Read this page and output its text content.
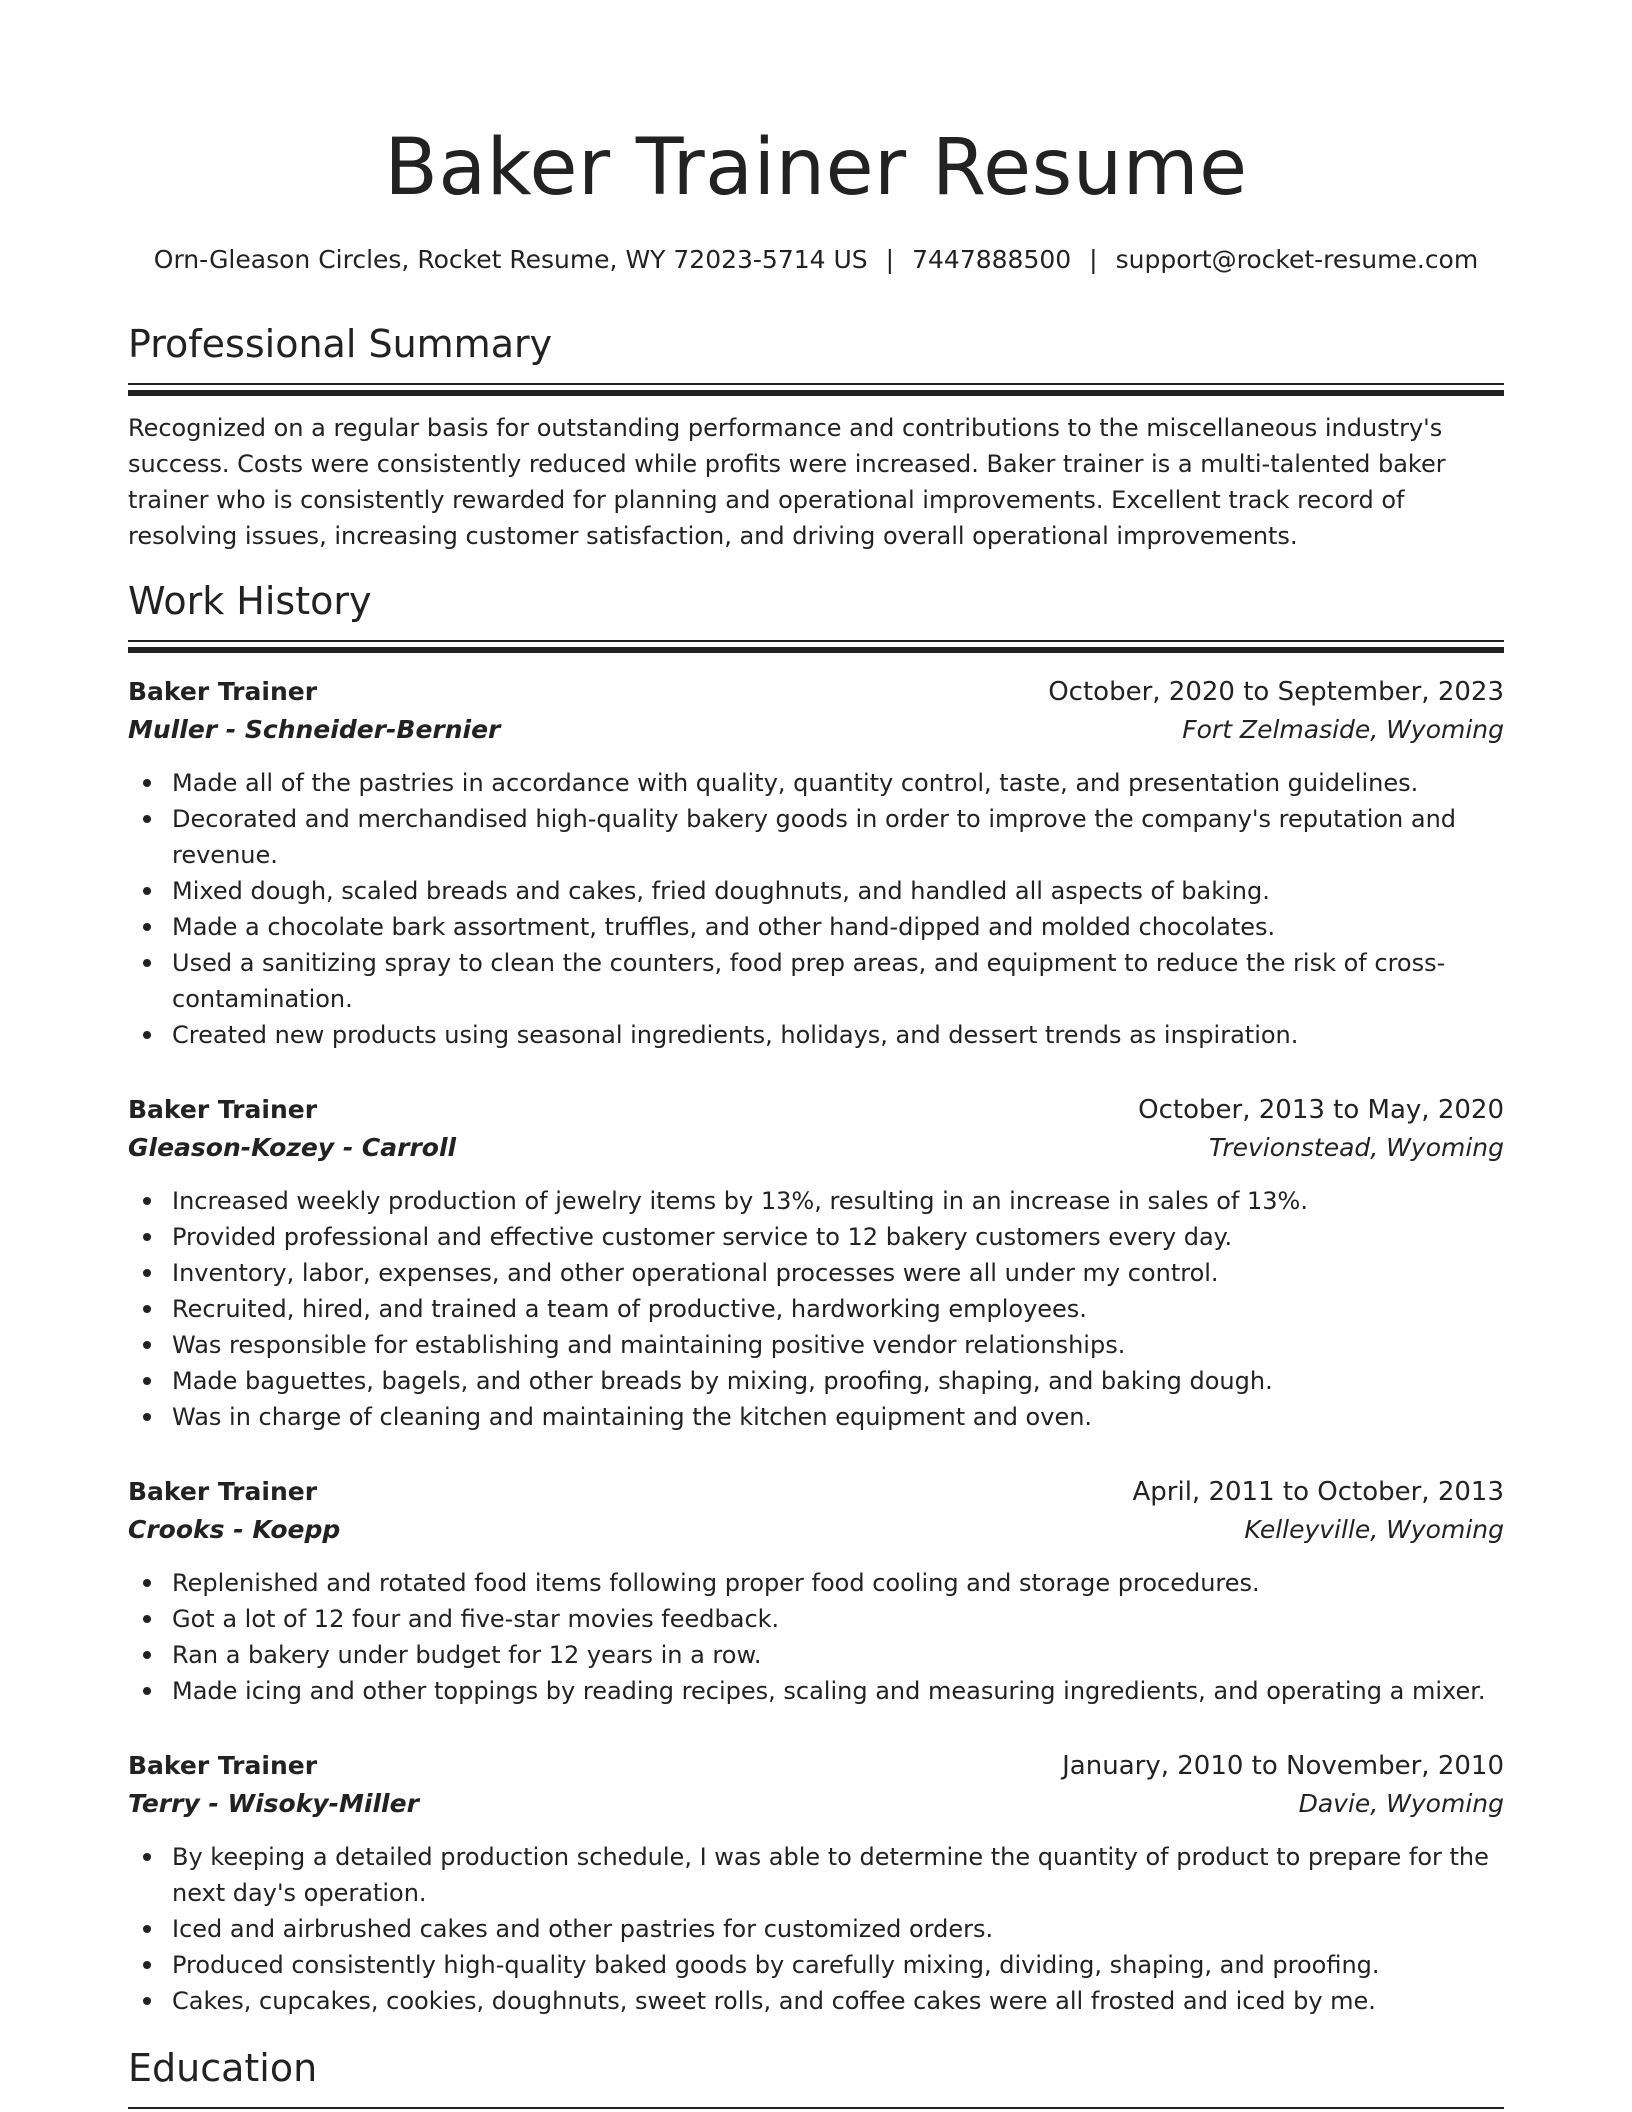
Baker Trainer Resume
Orn-Gleason Circles, Rocket Resume, WY 72023-5714 US | 7447888500 | support@rocket-resume.com
Professional Summary

Recognized on a regular basis for outstanding performance and contributions to the miscellaneous industry's success. Costs were consistently reduced while profits were increased. Baker trainer is a multi-talented baker trainer who is consistently rewarded for planning and operational improvements. Excellent track record of resolving issues, increasing customer satisfaction, and driving overall operational improvements.

Work History
Baker Trainer	October, 2020 to September, 2023
Muller - Schneider-Bernier	Fort Zelmaside, Wyoming
Made all of the pastries in accordance with quality, quantity control, taste, and presentation guidelines.
Decorated and merchandised high-quality bakery goods in order to improve the company's reputation and revenue.
Mixed dough, scaled breads and cakes, fried doughnuts, and handled all aspects of baking.
Made a chocolate bark assortment, truffles, and other hand-dipped and molded chocolates.
Used a sanitizing spray to clean the counters, food prep areas, and equipment to reduce the risk of cross-contamination.
Created new products using seasonal ingredients, holidays, and dessert trends as inspiration.
Baker Trainer	October, 2013 to May, 2020
Gleason-Kozey - Carroll	Trevionstead, Wyoming
Increased weekly production of jewelry items by 13%, resulting in an increase in sales of 13%.
Provided professional and effective customer service to 12 bakery customers every day.
Inventory, labor, expenses, and other operational processes were all under my control.
Recruited, hired, and trained a team of productive, hardworking employees.
Was responsible for establishing and maintaining positive vendor relationships.
Made baguettes, bagels, and other breads by mixing, proofing, shaping, and baking dough.
Was in charge of cleaning and maintaining the kitchen equipment and oven.
Baker Trainer	April, 2011 to October, 2013
Crooks - Koepp	Kelleyville, Wyoming
Replenished and rotated food items following proper food cooling and storage procedures.
Got a lot of 12 four and five-star movies feedback.
Ran a bakery under budget for 12 years in a row.
Made icing and other toppings by reading recipes, scaling and measuring ingredients, and operating a mixer.
Baker Trainer	January, 2010 to November, 2010
Terry - Wisoky-Miller	Davie, Wyoming
By keeping a detailed production schedule, I was able to determine the quantity of product to prepare for the next day's operation.
Iced and airbrushed cakes and other pastries for customized orders.
Produced consistently high-quality baked goods by carefully mixing, dividing, shaping, and proofing.
Cakes, cupcakes, cookies, doughnuts, sweet rolls, and coffee cakes were all frosted and iced by me.
Education
